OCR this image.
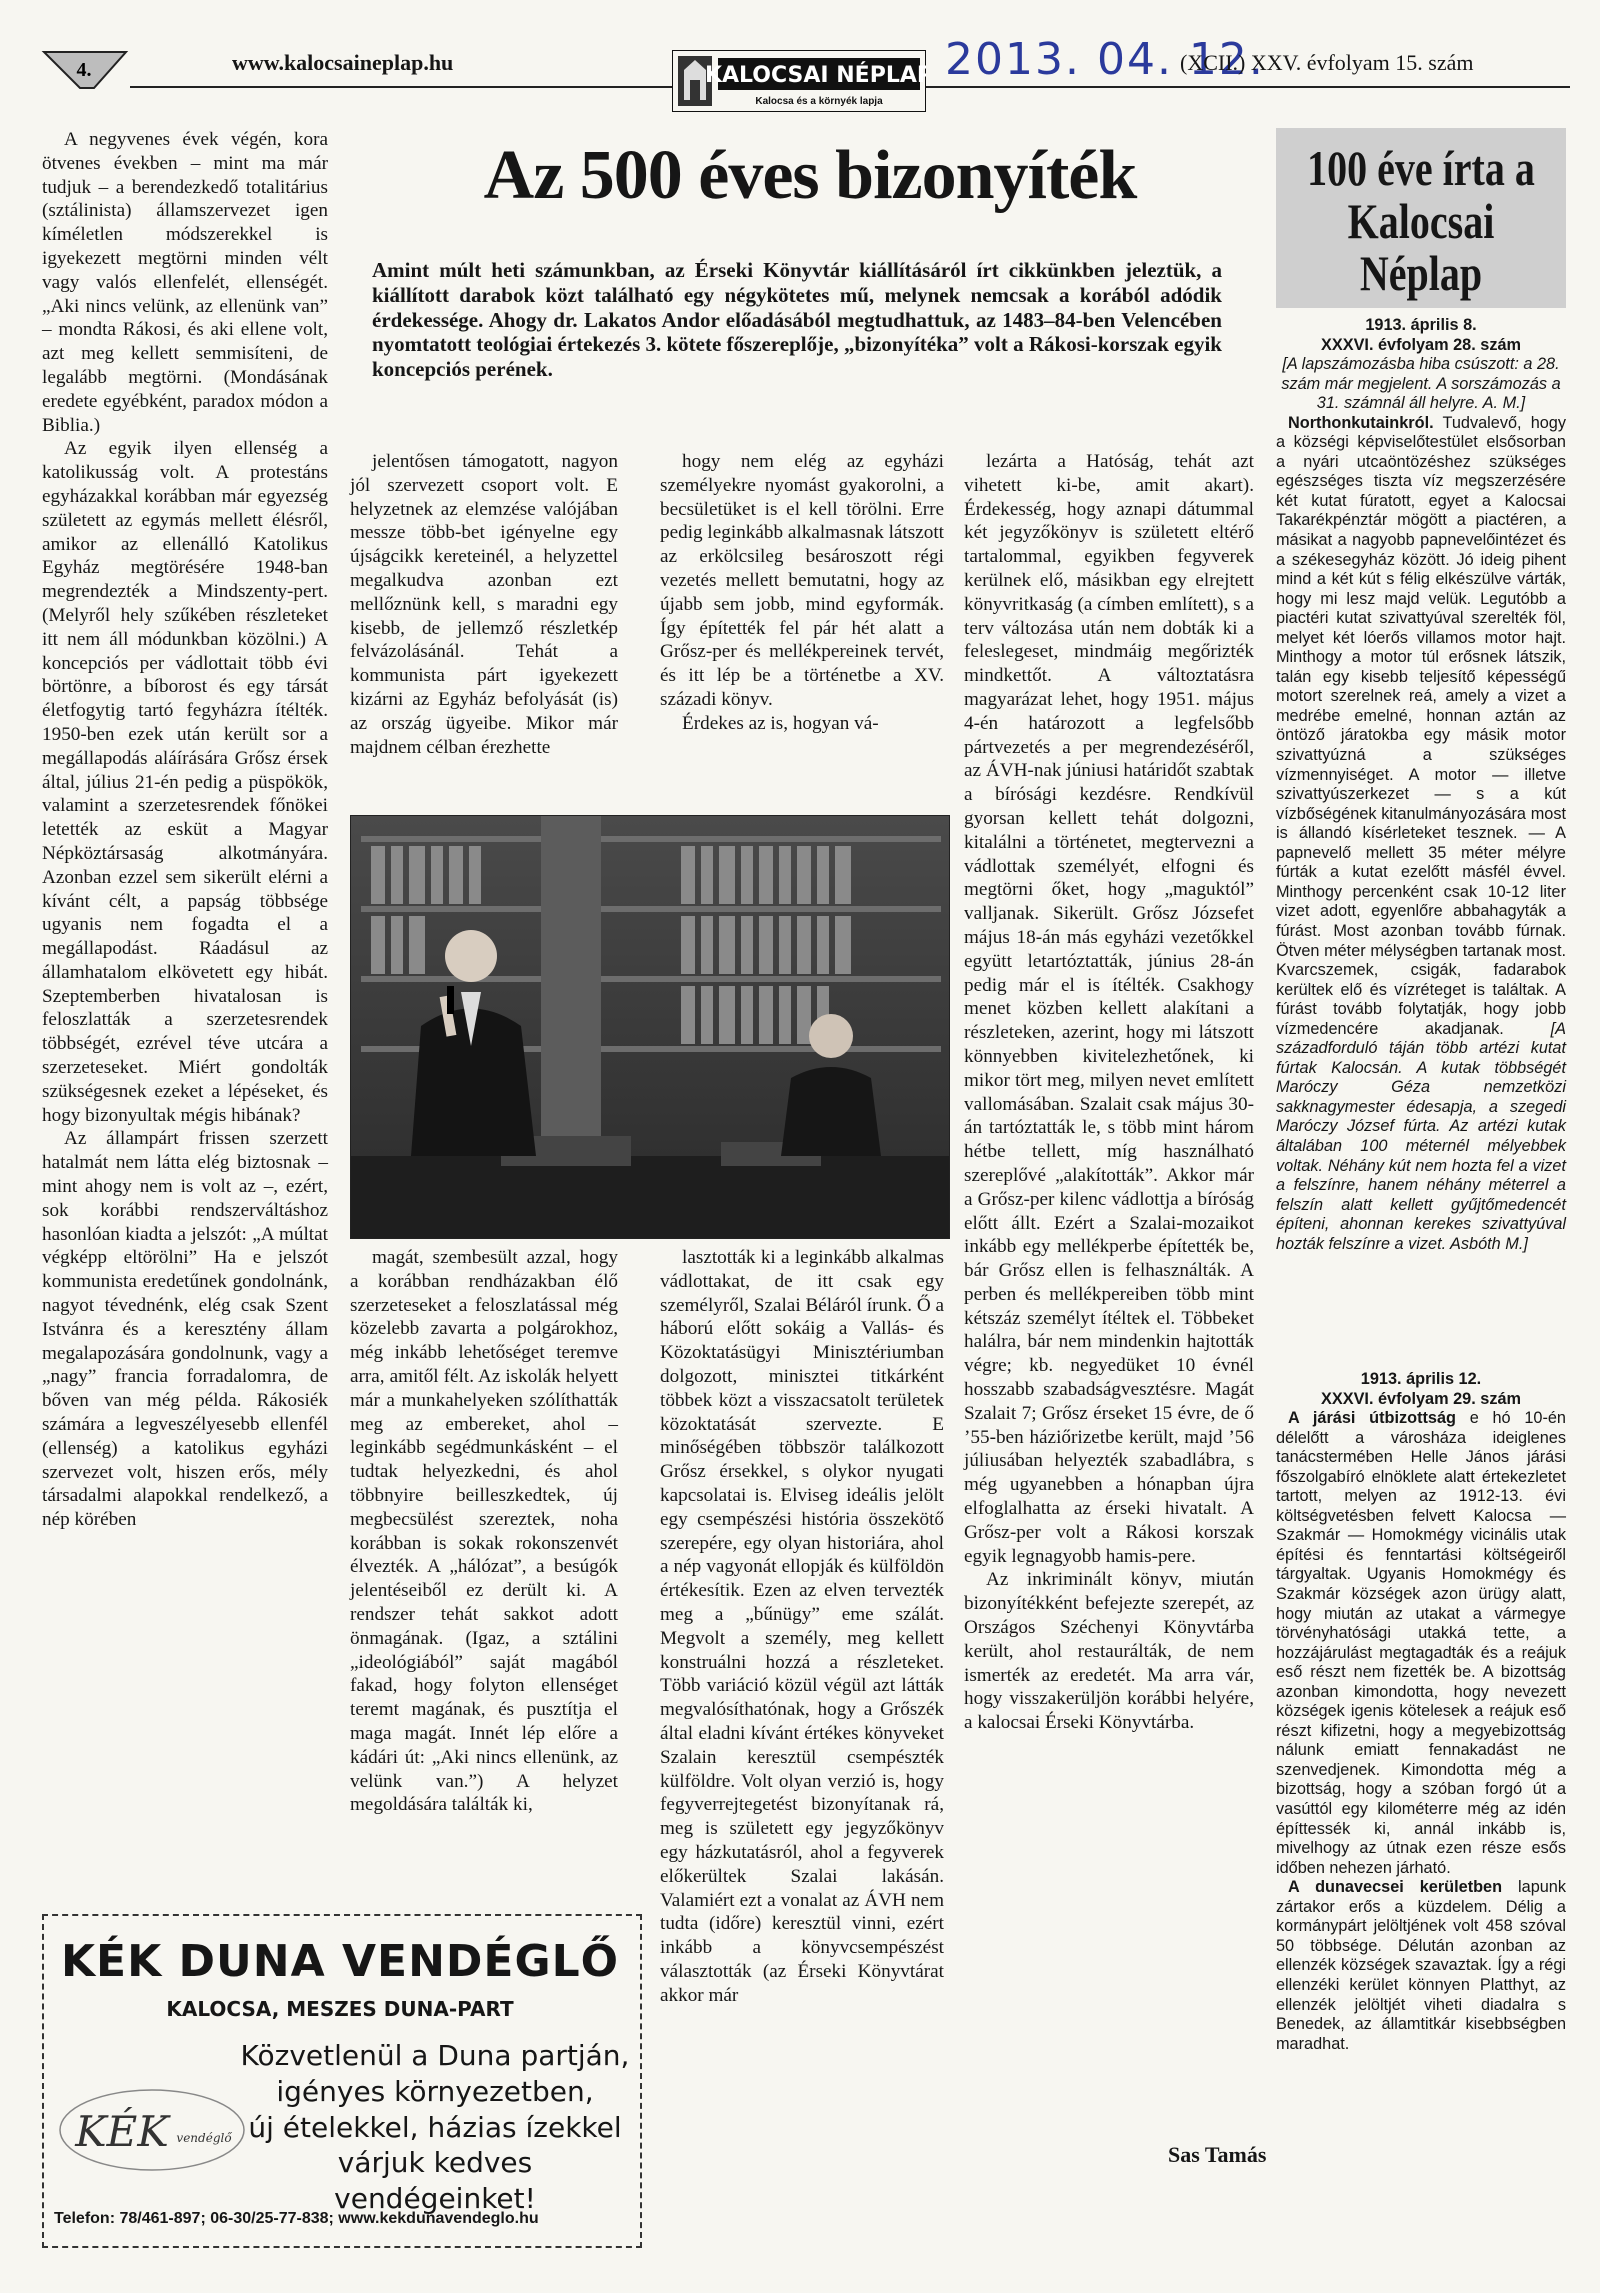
4.	www.kalocsaineplap.hu
KALOCSAI NÉPLAP
Kalocsa és a környék lapja
2013. 04. 12.
(XCII.) XXV. évfolyam 15. szám
Az 500 éves bizonyíték

Amint múlt heti számunkban, az Érseki Könyvtár kiállításáról írt cikkünkben jeleztük, a kiállított darabok közt található egy négykötetes mű, melynek nemcsak a korából adódik érdekessége. Ahogy dr. Lakatos Andor előadásából megtudhattuk, az 1483–84-ben Velencében nyomtatott teológiai értekezés 3. kötete főszereplője, „bizonyítéka” volt a Rákosi-korszak egyik koncepciós perének.

A negyvenes évek végén, kora ötvenes években – mint ma már tudjuk – a berendezkedő totalitárius (sztálinista) államszervezet igen kíméletlen módszerekkel is igyekezett megtörni minden vélt vagy valós ellenfelét, ellenségét. „Aki nincs velünk, az ellenünk van” – mondta Rákosi, és aki ellene volt, azt meg kellett semmisíteni, de legalább megtörni. (Mondásának eredete egyébként, paradox módon a Biblia.)

Az egyik ilyen ellenség a katolikusság volt. A protestáns egyházakkal korábban már egyezség született az egymás mellett élésről, amikor az ellenálló Katolikus Egyház megtörésére 1948-ban megrendezték a Mindszenty-pert. (Melyről hely szűkében részleteket itt nem áll módunkban közölni.) A koncepciós per vádlottait több évi börtönre, a bíborost és egy társát életfogytig tartó fegyházra ítélték. 1950-ben ezek után került sor a megállapodás aláírására Grősz érsek által, július 21-én pedig a püspökök, valamint a szerzetesrendek főnökei letették az esküt a Magyar Népköztársaság alkotmányára. Azonban ezzel sem sikerült elérni a kívánt célt, a papság többsége ugyanis nem fogadta el a megállapodást. Ráadásul az államhatalom elkövetett egy hibát. Szeptemberben hivatalosan is feloszlatták a szerzetesrendek többségét, ezrével téve utcára a szerzeteseket. Miért gondolták szükségesnek ezeket a lépéseket, és hogy bizonyultak mégis hibának?

Az állampárt frissen szerzett hatalmát nem látta elég biztosnak – mint ahogy nem is volt az –, ezért, sok korábbi rendszerváltáshoz hasonlóan kiadta a jelszót: „A múltat végképp eltörölni” Ha e jelszót kommunista eredetűnek gondolnánk, nagyot tévednénk, elég csak Szent Istvánra és a keresztény állam megalapozására gondolnunk, vagy a „nagy” francia forradalomra, de bőven van még példa. Rákosiék számára a legveszélyesebb ellenfél (ellenség) a katolikus egyházi szervezet volt, hiszen erős, mély társadalmi alapokkal rendelkező, a nép körében

jelentősen támogatott, nagyon jól szervezett csoport volt. E helyzetnek az elemzése valójában messze több-bet igényelne egy újságcikk kereteinél, a helyzettel megalkudva azonban ezt mellőznünk kell, s maradni egy kisebb, de jellemző részletkép felvázolásánál. Tehát a kommunista párt igyekezett kizárni az Egyház befolyását (is) az ország ügyeibe. Mikor már majdnem célban érezhette

magát, szembesült azzal, hogy a korábban rendházakban élő szerzeteseket a feloszlatással még közelebb zavarta a polgárokhoz, még inkább lehetőséget teremve arra, amitől félt. Az iskolák helyett már a munkahelyeken szólíthatták meg az embereket, ahol – leginkább segédmunkásként – el tudtak helyezkedni, és ahol többnyire beilleszkedtek, új megbecsülést szereztek, noha korábban is sokak rokonszenvét élvezték. A „hálózat”, a besúgók jelentéseiből ez derült ki. A rendszer tehát sakkot adott önmagának. (Igaz, a sztálini „ideológiából” saját magából fakad, hogy folyton ellenséget teremt magának, és pusztítja el maga magát. Innét lép előre a kádári út: „Aki nincs ellenünk, az velünk van.”) A helyzet megoldására találták ki,

hogy nem elég az egyházi személyekre nyomást gyakorolni, a becsületüket is el kell törölni. Erre pedig leginkább alkalmasnak látszott az erkölcsileg besároszott régi vezetés mellett bemutatni, hogy az újabb sem jobb, mind egyformák. Így építették fel pár hét alatt a Grősz-per és mellékpereinek tervét, és itt lép be a történetbe a XV. századi könyv.

Érdekes az is, hogyan vá-

lasztották ki a leginkább alkalmas vádlottakat, de itt csak egy személyről, Szalai Béláról írunk. Ő a háború előtt sokáig a Vallás- és Közoktatásügyi Minisztériumban dolgozott, minisztei titkárként többek közt a visszacsatolt területek közoktatását szervezte. E minőségében többször találkozott Grősz érsekkel, s olykor nyugati kapcsolatai is. Elviseg ideális jelölt egy csempészési história összekötő szerepére, egy olyan historiára, ahol a nép vagyonát ellopják és külföldön értékesítik. Ezen az elven tervezték meg a „bűnügy” eme szálát. Megvolt a személy, meg kellett konstruálni hozzá a részleteket. Több variáció közül végül azt látták megvalósíthatónak, hogy a Grőszék által eladni kívánt értékes könyveket Szalain keresztül csempészték külföldre. Volt olyan verzió is, hogy fegyverrejtegetést bizonyítanak rá, meg is született egy jegyzőkönyv egy házkutatásról, ahol a fegyverek előkerültek Szalai lakásán. Valamiért ezt a vonalat az ÁVH nem tudta (időre) keresztül vinni, ezért inkább a könyvcsempészést választották (az Érseki Könyvtárat akkor már

lezárta a Hatóság, tehát azt vihetett ki-be, amit akart). Érdekesség, hogy aznapi dátummal két jegyzőkönyv is született eltérő tartalommal, egyikben fegyverek kerülnek elő, másikban egy elrejtett könyvritkaság (a címben említett), s a terv változása után nem dobták ki a feleslegeset, mindmáig megőrizték mindkettőt. A változtatásra magyarázat lehet, hogy 1951. május 4-én határozott a legfelsőbb pártvezetés a per megrendezéséről, az ÁVH-nak júniusi határidőt szabtak a bírósági kezdésre. Rendkívül gyorsan kellett tehát dolgozni, kitalálni a történetet, megtervezni a vádlottak személyét, elfogni és megtörni őket, hogy „maguktól” valljanak. Sikerült. Grősz Józsefet május 18-án más egyházi vezetőkkel együtt letartóztatták, június 28-án pedig már el is ítélték. Csakhogy menet közben kellett alakítani a részleteken, azerint, hogy mi látszott könnyebben kivitelezhetőnek, ki mikor tört meg, milyen nevet említett vallomásában. Szalait csak május 30-án tartóztatták le, s több mint három hétbe tellett, míg használható szereplővé „alakították”. Akkor már a Grősz-per kilenc vádlottja a bíróság előtt állt. Ezért a Szalai-mozaikot inkább egy mellékperbe építették be, bár Grősz ellen is felhasználták. A perben és mellékpereiben több mint kétszáz személyt ítéltek el. Többeket halálra, bár nem mindenkin hajtották végre; kb. negyedüket 10 évnél hosszabb szabadságvesztésre. Magát Szalait 7; Grősz érseket 15 évre, de ő ’55-ben háziőrizetbe került, majd ’56 júliusában helyezték szabadlábra, s még ugyanebben a hónapban újra elfoglalhatta az érseki hivatalt. A Grősz-per volt a Rákosi korszak egyik legnagyobb hamis-pere.

Az inkriminált könyv, miután bizonyítékként befejezte szerepét, az Országos Széchenyi Könyvtárba került, ahol restaurálták, de nem ismerték az eredetét. Ma arra vár, hogy visszakerüljön korábbi helyére, a kalocsai Érseki Könyvtárba.

Sas Tamás
100 éve írta a
Kalocsai Néplap

1913. április 8.

XXXVI. évfolyam 28. szám

[A lapszámozásba hiba csúszott: a 28. szám már megjelent. A sorszámozás a 31. számnál áll helyre. A. M.]

Northonkutainkról. Tudvalevő, hogy a községi képviselőtestület elsősorban a nyári utcaöntözéshez szükséges egészséges tiszta víz megszerzésére két kutat fúratott, egyet a Kalocsai Takarékpénztár mögött a piactéren, a másikat a nagyobb papnevelőintézet és a székesegyház között. Jó ideig pihent mind a két kút s félig elkészülve várták, hogy mi lesz majd velük. Legutóbb a piactéri kutat szivattyúval szerelték föl, melyet két lóerős villamos motor hajt. Minthogy a motor túl erősnek látszik, talán egy kisebb teljesítő képességű motort szerelnek reá, amely a vizet a medrébe emelné, honnan aztán az öntöző járatokba egy másik motor szivattyúzná a szükséges vízmennyiséget. A motor — illetve szivattyúszerkezet — s a kút vízbőségének kitanulmányozására most is állandó kísérleteket tesznek. — A papnevelő mellett 35 méter mélyre fúrták a kutat ezelőtt másfél évvel. Minthogy percenként csak 10-12 liter vizet adott, egyenlőre abbahagyták a fúrást. Most azonban tovább fúrnak. Ötven méter mélységben tartanak most. Kvarcszemek, csigák, fadarabok kerültek elő és vízréteget is találtak. A fúrást tovább folytatják, hogy jobb vízmedencére akadjanak.	[A századforduló táján több artézi kutat fúrtak Kalocsán. A kutak többségét Maróczy Géza nemzetközi sakknagymester édesapja, a szegedi Maróczy József fúrta. Az artézi kutak általában 100 méternél mélyebbek voltak. Néhány kút nem hozta fel a vizet a felszínre, hanem néhány méterrel a felszín alatt kellett gyűjtőmedencét építeni, ahonnan kerekes szivattyúval hozták felszínre a vizet. Asbóth M.]

1913. április 12.

XXXVI. évfolyam 29. szám

A járási útbizottság e hó 10-én délelőtt a városháza ideiglenes tanácstermében Helle János járási főszolgabíró elnöklete alatt értekezletet tartott, melyen az 1912-13. évi költségvetésben felvett Kalocsa — Szakmár — Homokmégy vicinális utak építési és fenntartási költségeiről tárgyaltak. Ugyanis Homokmégy és Szakmár községek azon ürügy alatt, hogy miután az utakat a vármegye törvényhatósági utakká tette, a hozzájárulást megtagadták és a reájuk eső részt nem fizették be. A bizottság azonban kimondotta, hogy nevezett községek igenis kötelesek a reájuk eső részt kifizetni, hogy a megyebizottság nálunk emiatt fennakadást ne szenvedjenek. Kimondotta még a bizottság, hogy a szóban forgó út a vasúttól egy kilométerre még az idén építtessék ki, annál inkább is, mivelhogy az útnak ezen része esős időben nehezen járható.

A dunavecsei kerületben lapunk zártakor erős a küzdelem. Délig a kormánypárt jelöltjének volt 458 szóval 50 többsége. Délután azonban az ellenzék községek szavaztak. Így a régi ellenzéki kerület könnyen Platthyt, az ellenzék jelöltjét viheti diadalra s Benedek, az államtitkár kisebbségben maradhat.

KÉK DUNA VENDÉGLŐ
KALOCSA, MESZES DUNA-PART
KÉK vendéglő
Közvetlenül a Duna partján,
igényes környezetben,
új ételekkel, házias ízekkel
várjuk kedves vendégeinket!
Telefon: 78/461-897; 06-30/25-77-838; www.kekdunavendeglo.hu
